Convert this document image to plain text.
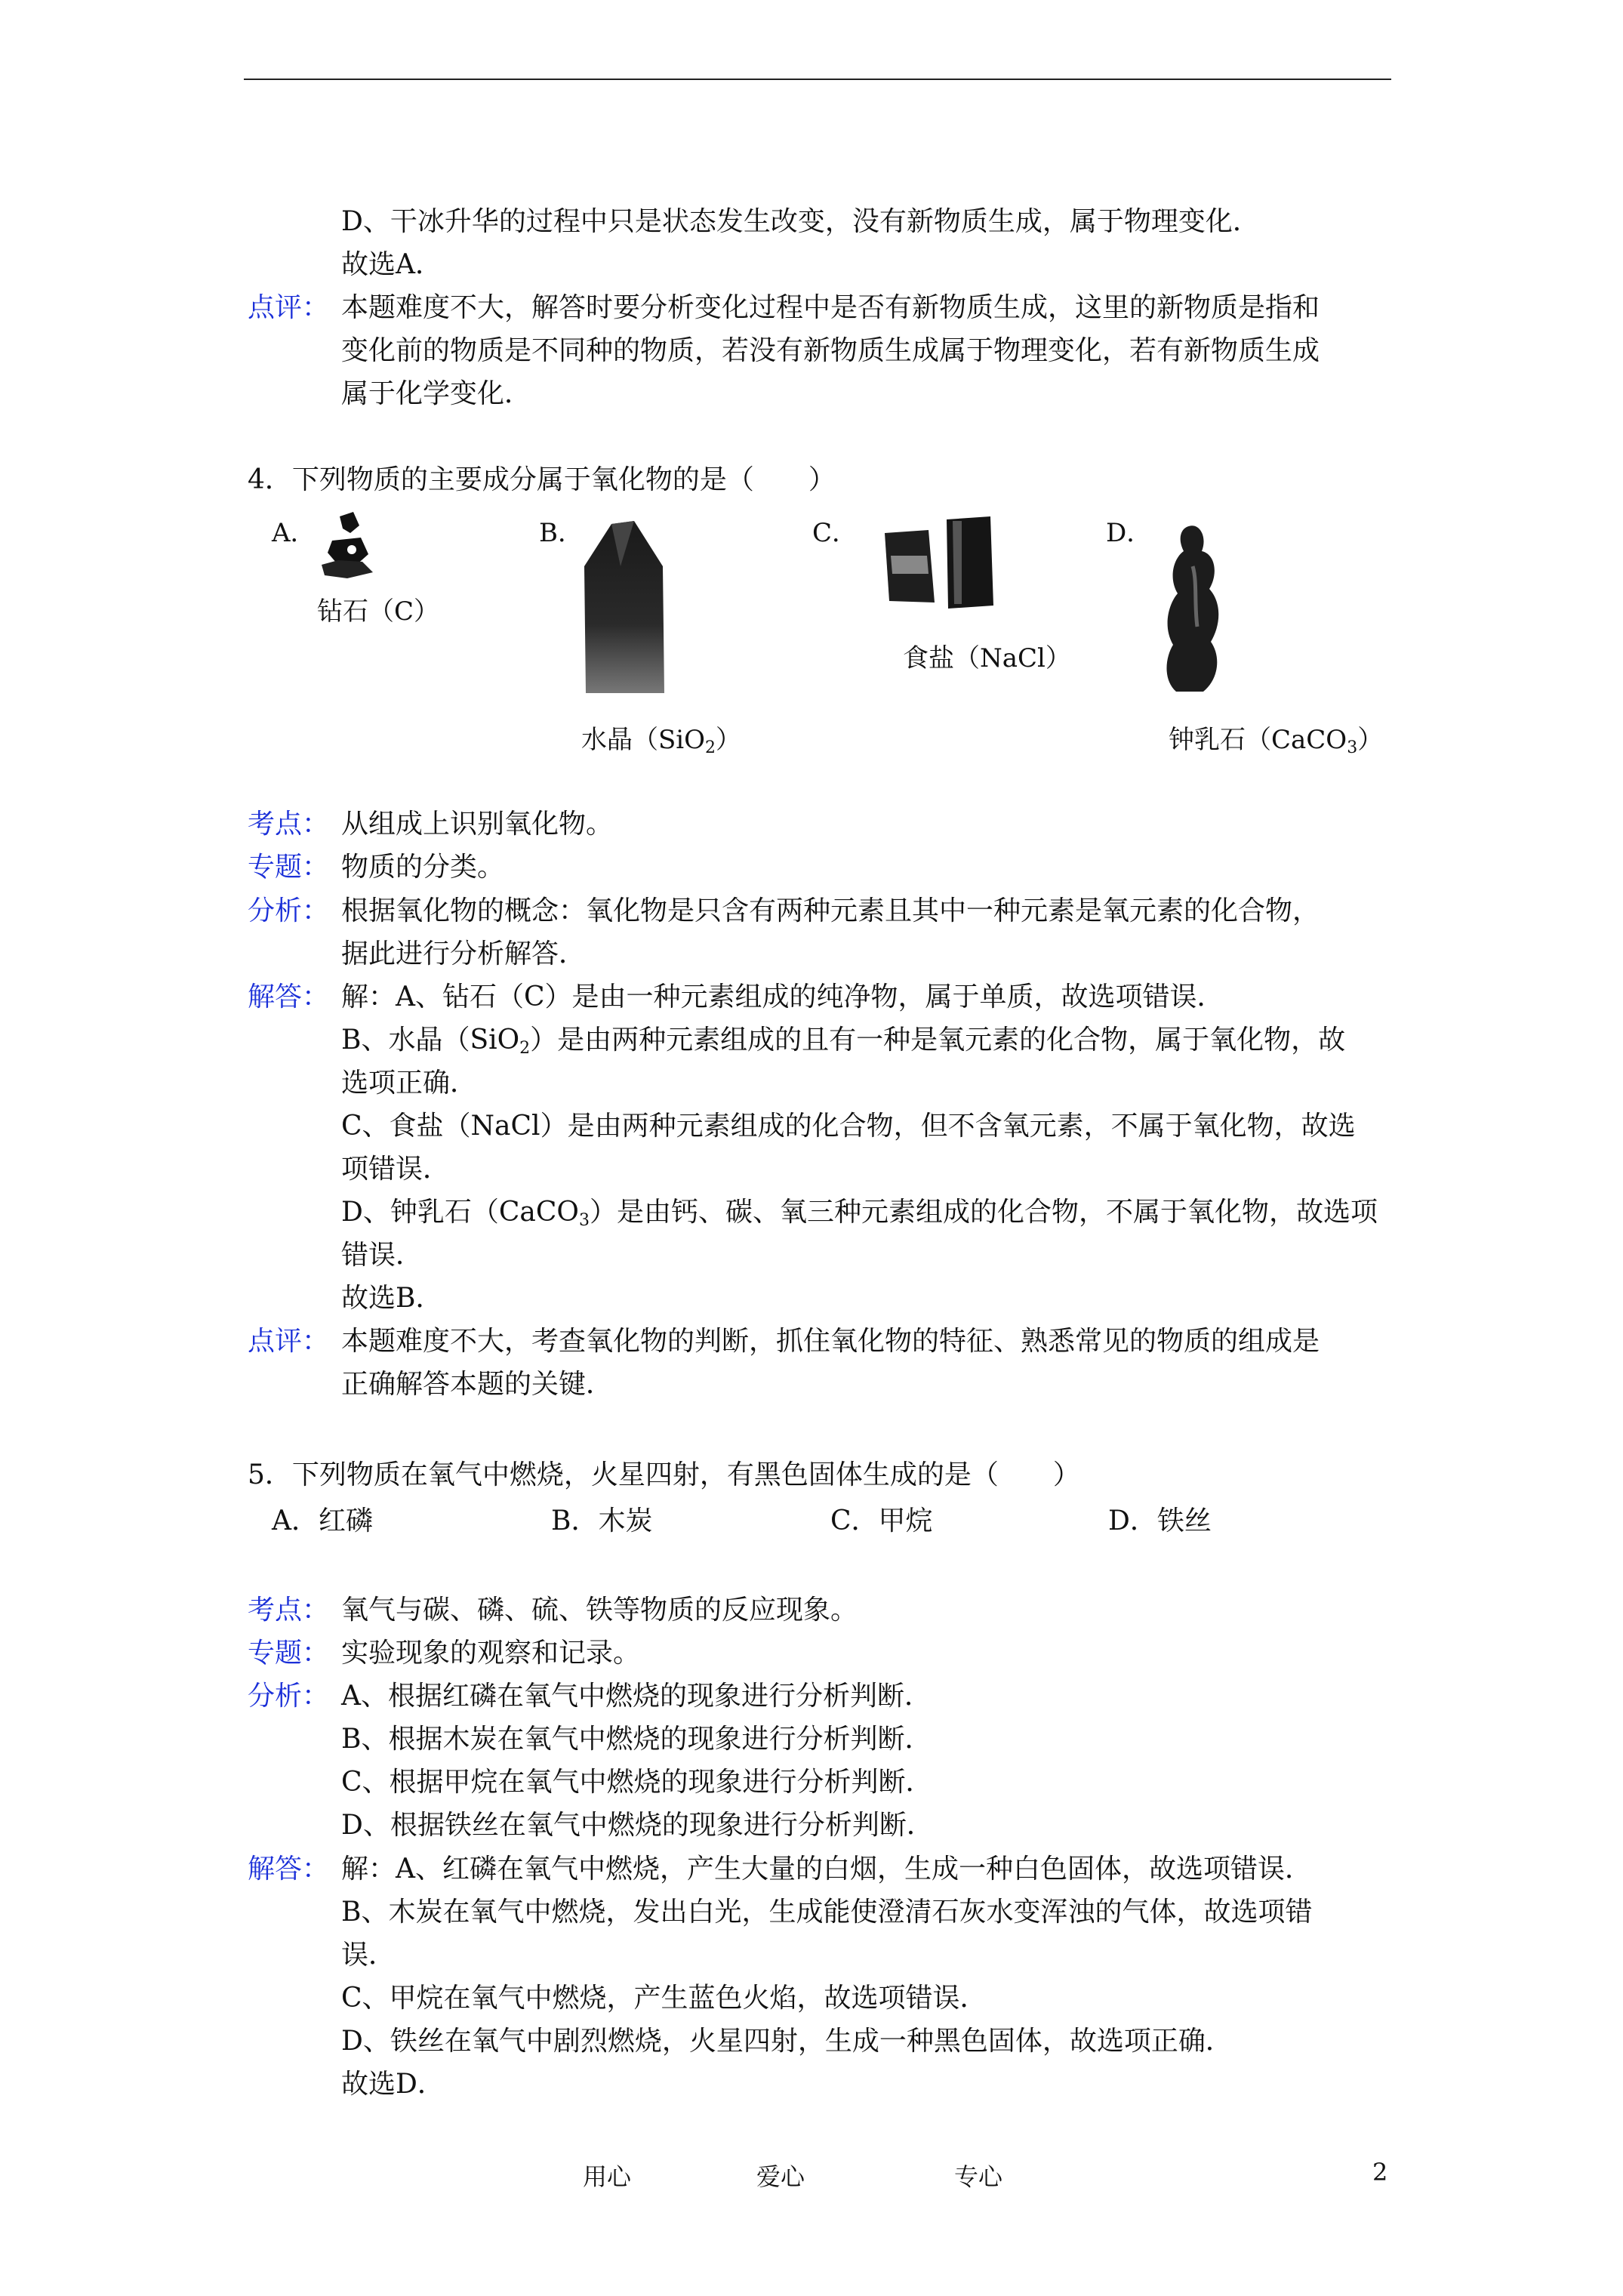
D、干冰升华的过程中只是状态发生改变，没有新物质生成，属于物理变化．
故选A．
点评： 本题难度不大，解答时要分析变化过程中是否有新物质生成，这里的新物质是指和
变化前的物质是不同种的物质，若没有新物质生成属于物理变化，若有新物质生成
属于化学变化．
4．下列物质的主要成分属于氧化物的是（　　）
A．
钻石（C）
B．
水晶（SiO$_2$）
C．
食盐（NaCl）
D．
钟乳石（CaCO$_3$）
考点： 从组成上识别氧化物。
专题： 物质的分类。
分析： 根据氧化物的概念：氧化物是只含有两种元素且其中一种元素是氧元素的化合物，
据此进行分析解答．
解答： 解：A、钻石（C）是由一种元素组成的纯净物，属于单质，故选项错误．
B、水晶（SiO$_2$）是由两种元素组成的且有一种是氧元素的化合物，属于氧化物，故
选项正确．
C、食盐（NaCl）是由两种元素组成的化合物，但不含氧元素，不属于氧化物，故选
项错误．
D、钟乳石（CaCO$_3$）是由钙、碳、氧三种元素组成的化合物，不属于氧化物，故选项
错误．
故选B．
点评： 本题难度不大，考查氧化物的判断，抓住氧化物的特征、熟悉常见的物质的组成是
正确解答本题的关键．
5．下列物质在氧气中燃烧，火星四射，有黑色固体生成的是（　　）
A．红磷	B．木炭	C．甲烷	D．铁丝
考点： 氧气与碳、磷、硫、铁等物质的反应现象。
专题： 实验现象的观察和记录。
分析： A、根据红磷在氧气中燃烧的现象进行分析判断．
B、根据木炭在氧气中燃烧的现象进行分析判断．
C、根据甲烷在氧气中燃烧的现象进行分析判断．
D、根据铁丝在氧气中燃烧的现象进行分析判断．
解答： 解：A、红磷在氧气中燃烧，产生大量的白烟，生成一种白色固体，故选项错误．
B、木炭在氧气中燃烧，发出白光，生成能使澄清石灰水变浑浊的气体，故选项错
误．
C、甲烷在氧气中燃烧，产生蓝色火焰，故选项错误．
D、铁丝在氧气中剧烈燃烧，火星四射，生成一种黑色固体，故选项正确．
故选D．
用心	爱心	专心	2
